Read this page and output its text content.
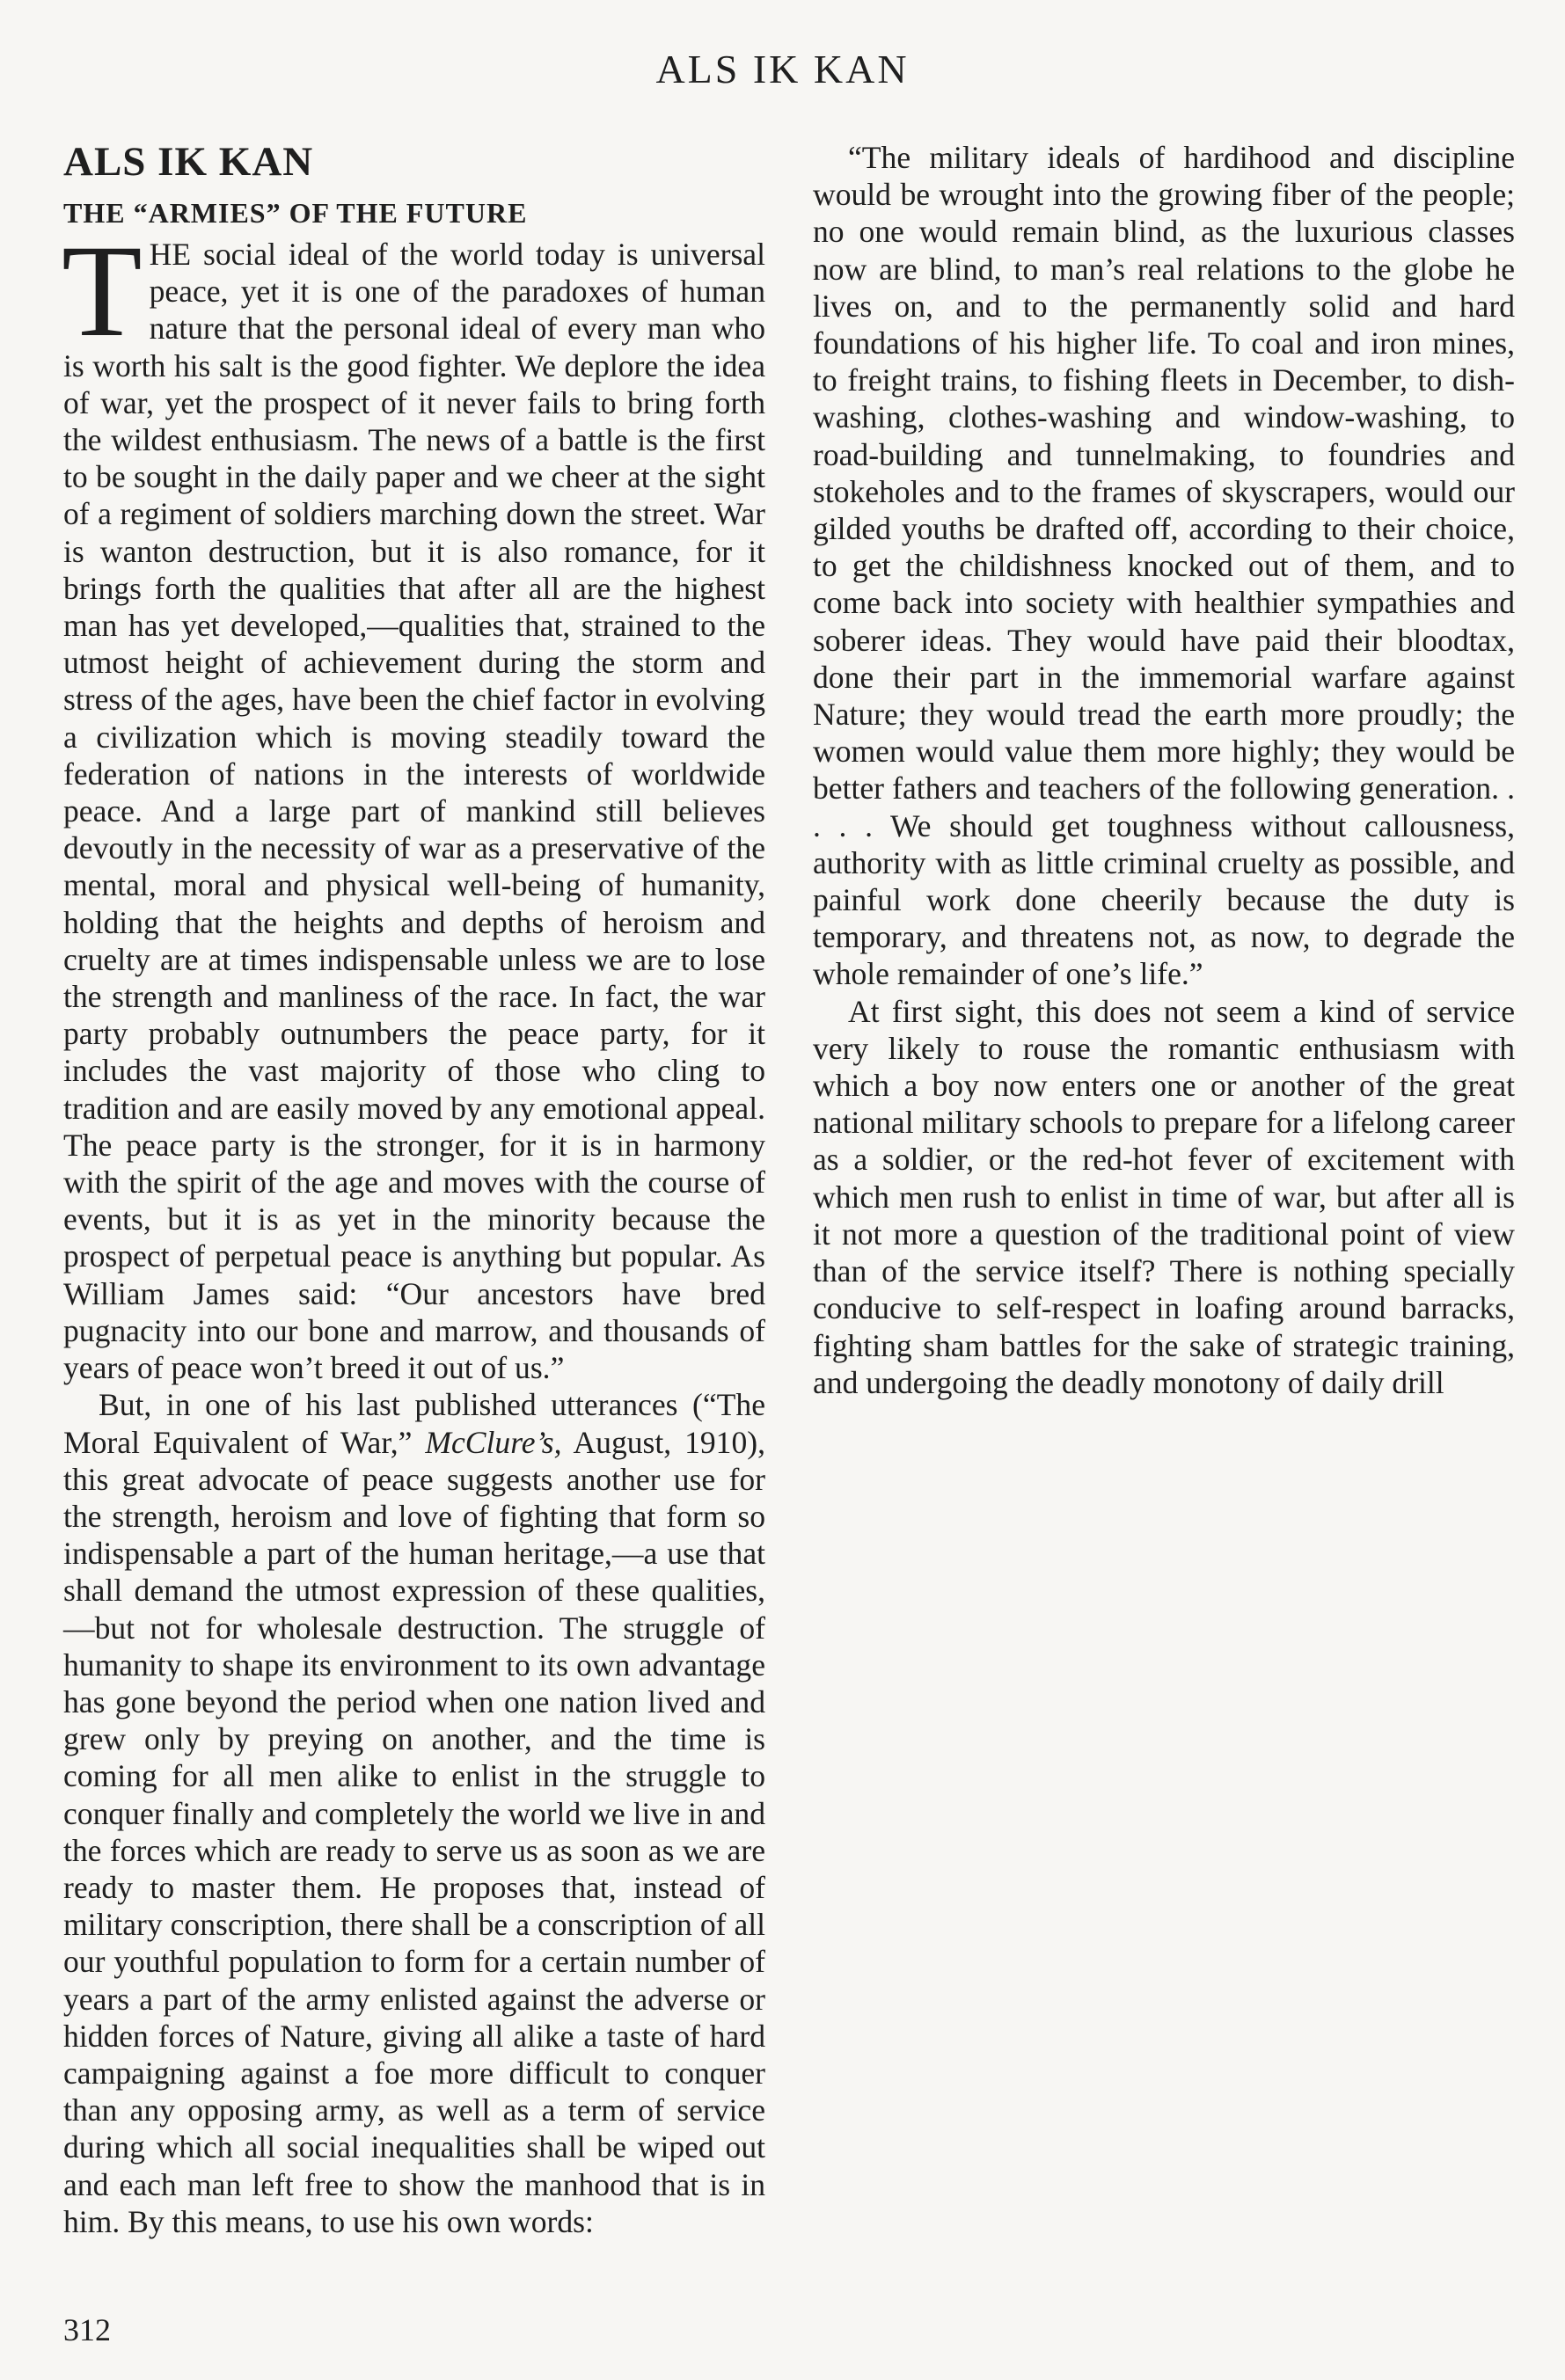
ALS IK KAN
ALS IK KAN
THE “ARMIES” OF THE FUTURE

THE social ideal of the world today is universal peace, yet it is one of the paradoxes of human nature that the personal ideal of every man who is worth his salt is the good fighter. We deplore the idea of war, yet the prospect of it never fails to bring forth the wildest enthusiasm. The news of a battle is the first to be sought in the daily paper and we cheer at the sight of a regiment of soldiers marching down the street. War is wanton destruction, but it is also romance, for it brings forth the qualities that after all are the highest man has yet developed,—qualities that, strained to the utmost height of achievement during the storm and stress of the ages, have been the chief factor in evolving a civilization which is moving steadily toward the federation of nations in the interests of worldwide peace. And a large part of mankind still believes devoutly in the necessity of war as a preservative of the mental, moral and physical well-being of humanity, holding that the heights and depths of heroism and cruelty are at times indispensable unless we are to lose the strength and manliness of the race. In fact, the war party probably outnumbers the peace party, for it includes the vast majority of those who cling to tradition and are easily moved by any emotional appeal. The peace party is the stronger, for it is in harmony with the spirit of the age and moves with the course of events, but it is as yet in the minority because the prospect of perpetual peace is anything but popular. As William James said: “Our ancestors have bred pugnacity into our bone and marrow, and thousands of years of peace won’t breed it out of us.”

But, in one of his last published utterances (“The Moral Equivalent of War,” McClure’s, August, 1910), this great advocate of peace suggests another use for the strength, heroism and love of fighting that form so indispensable a part of the human heritage,—a use that shall demand the utmost expression of these qualities,—but not for wholesale destruction. The struggle of humanity to shape its environment to its own advantage has gone beyond the period when one nation lived and grew only by preying on another, and the time is coming for all men alike to enlist in the struggle to conquer finally and completely the world we live in and the forces which are ready to serve us as soon as we are ready to master them. He proposes that, instead of military conscription, there shall be a conscription of all our youthful population to form for a certain number of years a part of the army enlisted against the adverse or hidden forces of Nature, giving all alike a taste of hard campaigning against a foe more difficult to conquer than any opposing army, as well as a term of service during which all social inequalities shall be wiped out and each man left free to show the manhood that is in him. By this means, to use his own words:

“The military ideals of hardihood and discipline would be wrought into the growing fiber of the people; no one would remain blind, as the luxurious classes now are blind, to man’s real relations to the globe he lives on, and to the permanently solid and hard foundations of his higher life. To coal and iron mines, to freight trains, to fishing fleets in December, to dish-washing, clothes-washing and window-washing, to road-building and tunnelmaking, to foundries and stokeholes and to the frames of skyscrapers, would our gilded youths be drafted off, according to their choice, to get the childishness knocked out of them, and to come back into society with healthier sympathies and soberer ideas. They would have paid their bloodtax, done their part in the immemorial warfare against Nature; they would tread the earth more proudly; the women would value them more highly; they would be better fathers and teachers of the following generation. . . . . We should get toughness without callousness, authority with as little criminal cruelty as possible, and painful work done cheerily because the duty is temporary, and threatens not, as now, to degrade the whole remainder of one’s life.”

At first sight, this does not seem a kind of service very likely to rouse the romantic enthusiasm with which a boy now enters one or another of the great national military schools to prepare for a lifelong career as a soldier, or the red-hot fever of excitement with which men rush to enlist in time of war, but after all is it not more a question of the traditional point of view than of the service itself? There is nothing specially conducive to self-respect in loafing around barracks, fighting sham battles for the sake of strategic training, and undergoing the deadly monotony of daily drill

312
